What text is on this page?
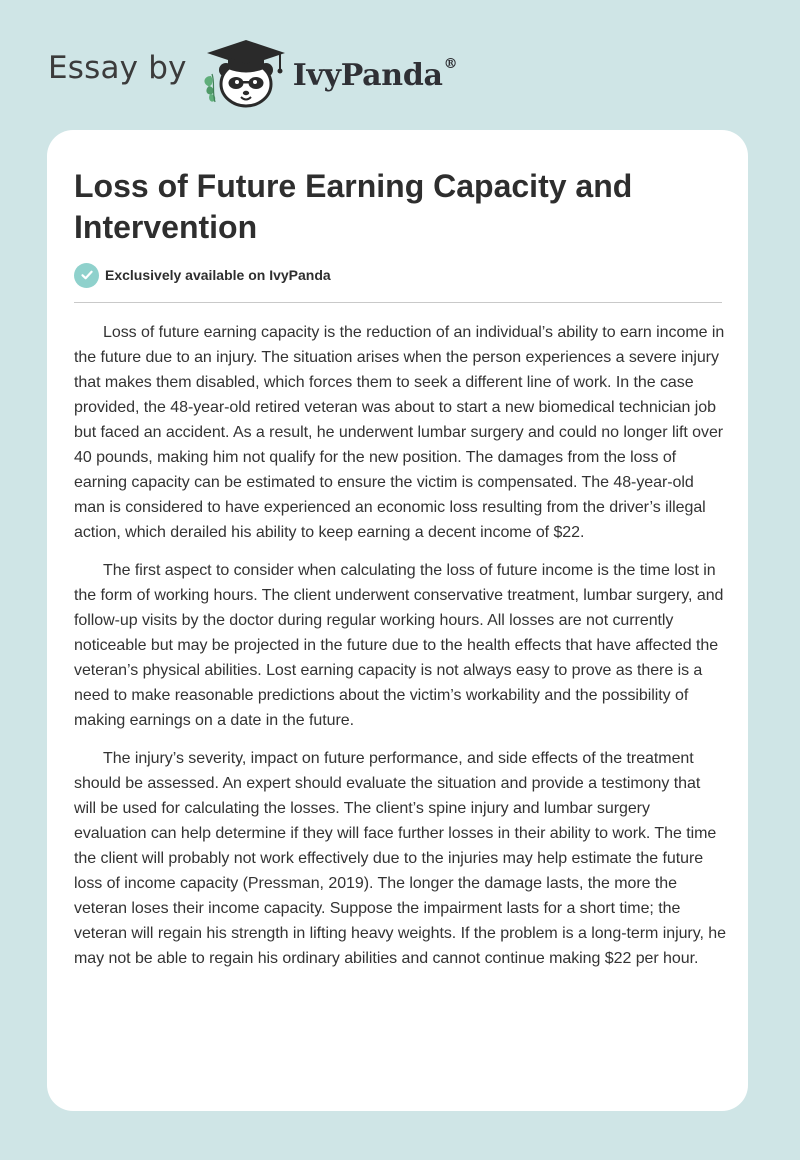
Essay by	IvyPanda®
Loss of Future Earning Capacity and Intervention
Exclusively available on IvyPanda

Loss of future earning capacity is the reduction of an individual’s ability to earn income in the future due to an injury. The situation arises when the person experiences a severe injury that makes them disabled, which forces them to seek a different line of work. In the case provided, the 48-year-old retired veteran was about to start a new biomedical technician job but faced an accident. As a result, he underwent lumbar surgery and could no longer lift over 40 pounds, making him not qualify for the new position. The damages from the loss of earning capacity can be estimated to ensure the victim is compensated. The 48-year-old man is considered to have experienced an economic loss resulting from the driver’s illegal action, which derailed his ability to keep earning a decent income of $22.

The first aspect to consider when calculating the loss of future income is the time lost in the form of working hours. The client underwent conservative treatment, lumbar surgery, and follow-up visits by the doctor during regular working hours. All losses are not currently noticeable but may be projected in the future due to the health effects that have affected the veteran’s physical abilities. Lost earning capacity is not always easy to prove as there is a need to make reasonable predictions about the victim’s workability and the possibility of making earnings on a date in the future.

The injury’s severity, impact on future performance, and side effects of the treatment should be assessed. An expert should evaluate the situation and provide a testimony that will be used for calculating the losses. The client’s spine injury and lumbar surgery evaluation can help determine if they will face further losses in their ability to work. The time the client will probably not work effectively due to the injuries may help estimate the future loss of income capacity (Pressman, 2019). The longer the damage lasts, the more the veteran loses their income capacity. Suppose the impairment lasts for a short time; the veteran will regain his strength in lifting heavy weights. If the problem is a long-term injury, he may not be able to regain his ordinary abilities and cannot continue making $22 per hour.
